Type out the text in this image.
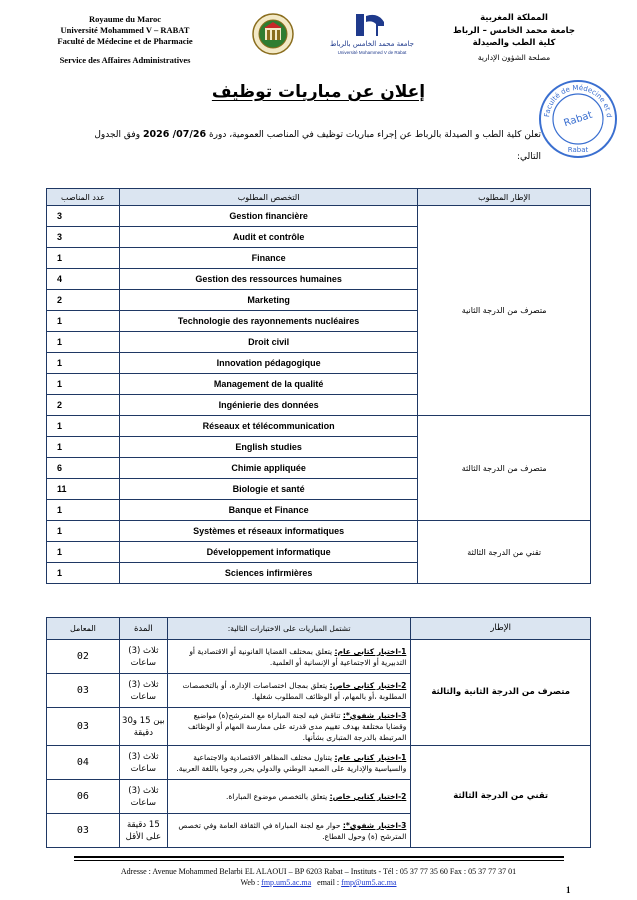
Royaume du Maroc
Université Mohammed V – RABAT
Faculté de Médecine et de Pharmacie
Service des Affaires Administratives
جامعة محمد الخامس بالرباط
Université Mohammed V de Rabat
المملكة المغربية
جامعة محمد الخامس – الرباط
كلية الطب والصيدلة
مصلحة الشؤون الإدارية
Faculté de Médecine et d
Rabat
Rabat
إعلان عن مباريات توظيف
تعلن كلية الطب و الصيدلة بالرباط عن إجراء مباريات توظيف في المناصب العمومية، دورة 2026 /07/26 وفق الجدول التالي:
عدد المناصب	التخصص المطلوب	الإطار المطلوب
3	Gestion financière	متصرف من الدرجة الثانية
3	Audit et contrôle	
1	Finance	
4	Gestion des ressources humaines	
2	Marketing	
1	Technologie des rayonnements nucléaires	
1	Droit civil	
1	Innovation pédagogique	
1	Management de la qualité	
2	Ingénierie des données	
1	Réseaux et télécommunication	متصرف من الدرجة الثالثة
1	English studies	
6	Chimie appliquée	
11	Biologie et santé	
1	Banque et Finance	
1	Systèmes et réseaux informatiques	تقني من الدرجة الثالثة
1	Développement informatique	
1	Sciences infirmières	
المعامل	المدة	تشتمل المباريات على الاختبارات التالية:	الإطار
02	ثلاث (3) ساعات	1-اختبار كتابي عام: يتعلق بمختلف القضايا القانونية أو الاقتصادية أو التدبيرية أو الاجتماعية أو الإنسانية أو العلمية.	متصرف من الدرجة الثانية والثالثة
03	ثلاث (3) ساعات	2-اختبار كتابي خاص: يتعلق بمجال اختصاصات الإدارة، أو بالتخصصات المطلوبة ،أو بالمهام، أو الوظائف المطلوب شغلها.	
03	بين 15 و30 دقيقة	3-اختبار شفوي*: تناقش فيه لجنة المباراة مع المترشح(ة) مواضيع وقضايا مختلفة بهدف تقييم مدى قدرته على ممارسة المهام أو الوظائف المرتبطة بالدرجة المتبارى بشأنها.	
04	ثلاث (3) ساعات	1-اختبار كتابي عام: يتناول مختلف المظاهر الاقتصادية والاجتماعية والسياسية والإدارية على الصعيد الوطني والدولي يحرر وجوبا باللغة العربية.	تقني من الدرجة الثالثة
06	ثلاث (3) ساعات	2-اختبار كتابي خاص: يتعلق بالتخصص موضوع المباراة.	
03	15 دقيقة على الأقل	3-اختبار شفوي*: حوار مع لجنة المباراة في الثقافة العامة وفي تخصص المترشح (ة) وحول القطاع.	
Adresse : Avenue Mohammed Belarbi EL ALAOUI – BP 6203 Rabat – Instituts - Tél : 05 37 77 35 60 Fax : 05 37 77 37 01
Web : fmp.um5.ac.ma email : fmp@um5.ac.ma
1
